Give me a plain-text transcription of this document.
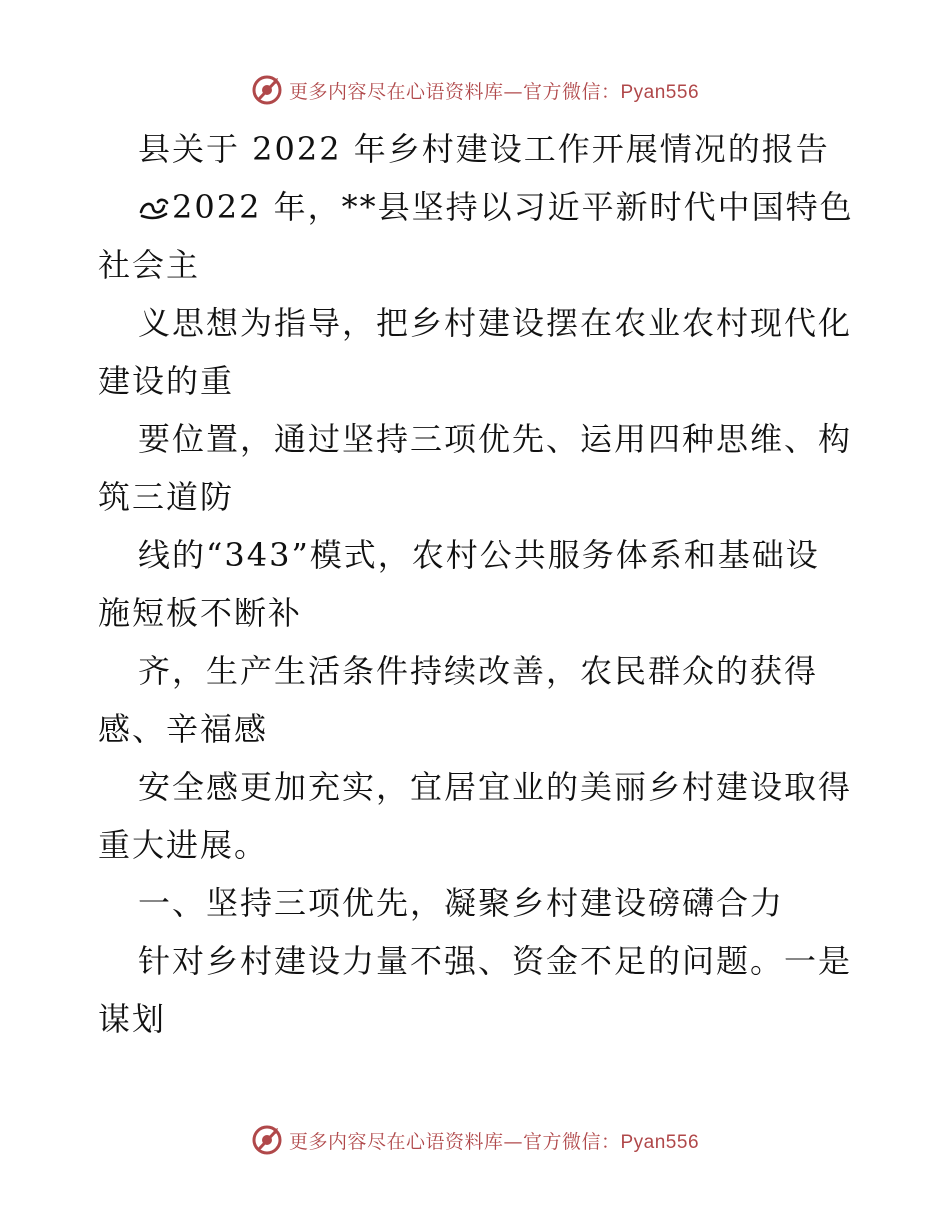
更多内容尽在心语资料库—官方微信：Pyan556
县关于 2022 年乡村建设工作开展情况的报告
2022 年，**县坚持以习近平新时代中国特色
社会主
义思想为指导，把乡村建设摆在农业农村现代化
建设的重
要位置，通过坚持三项优先、运用四种思维、构
筑三道防
线的“343”模式，农村公共服务体系和基础设
施短板不断补
齐，生产生活条件持续改善，农民群众的获得
感、辛福感
安全感更加充实，宜居宜业的美丽乡村建设取得
重大进展。
一、坚持三项优先，凝聚乡村建设磅礴合力
针对乡村建设力量不强、资金不足的问题。一是
谋划
更多内容尽在心语资料库—官方微信：Pyan556
